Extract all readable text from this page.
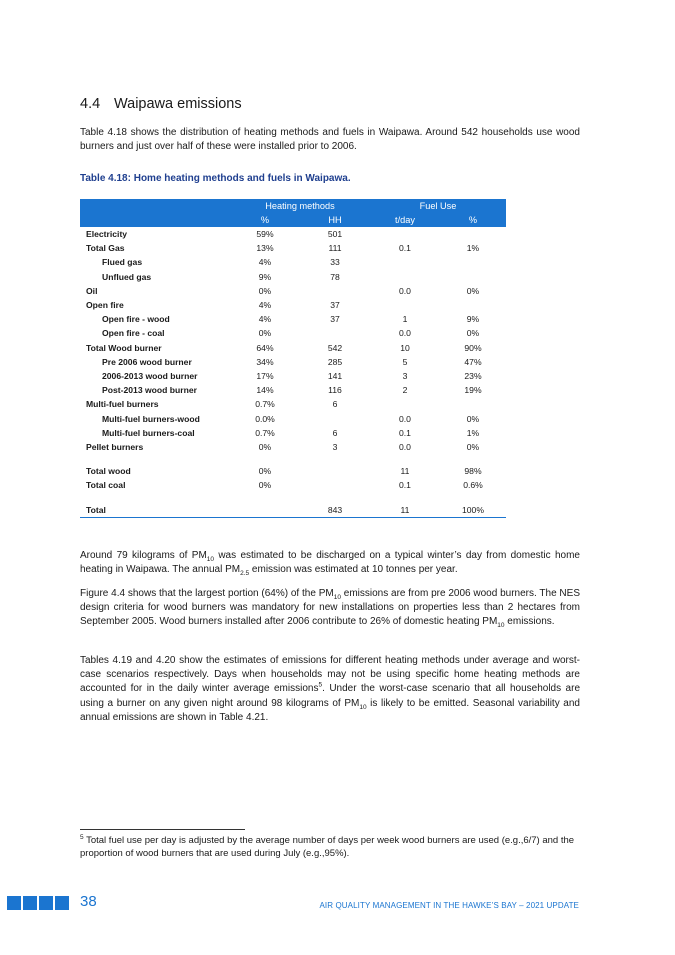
4.4 Waipawa emissions

Table 4.18 shows the distribution of heating methods and fuels in Waipawa. Around 542 households use wood burners and just over half of these were installed prior to 2006.

Table 4.18: Home heating methods and fuels in Waipawa.
	Heating methods		Fuel Use	
	%	HH	t/day	%
Electricity	59%	501		
Total Gas	13%	111	0.1	1%
Flued gas	4%	33		
Unflued gas	9%	78		
Oil	0%		0.0	0%
Open fire	4%	37		
Open fire - wood	4%	37	1	9%
Open fire - coal	0%		0.0	0%
Total Wood burner	64%	542	10	90%
Pre 2006 wood burner	34%	285	5	47%
2006-2013 wood burner	17%	141	3	23%
Post-2013 wood burner	14%	116	2	19%
Multi-fuel burners	0.7%	6		
Multi-fuel burners-wood	0.0%		0.0	0%
Multi-fuel burners-coal	0.7%	6	0.1	1%
Pellet burners	0%	3	0.0	0%

Total wood	0%		11	98%
Total coal	0%		0.1	0.6%

Total		843	11	100%

Around 79 kilograms of $PM_{10}$ was estimated to be discharged on a typical winter’s day from domestic home heating in Waipawa. The annual $PM_{2.5}$ emission was estimated at 10 tonnes per year.

Figure 4.4 shows that the largest portion (64%) of the $PM_{10}$ emissions are from pre 2006 wood burners. The NES design criteria for wood burners was mandatory for new installations on properties less than 2 hectares from September 2005. Wood burners installed after 2006 contribute to 26% of domestic heating $PM_{10}$ emissions.

Tables 4.19 and 4.20 show the estimates of emissions for different heating methods under average and worst-case scenarios respectively. Days when households may not be using specific home heating methods are accounted for in the daily winter average emissions$^5$. Under the worst-case scenario that all households are using a burner on any given night around 98 kilograms of $PM_{10}$ is likely to be emitted. Seasonal variability and annual emissions are shown in Table 4.21.

$^5$ Total fuel use per day is adjusted by the average number of days per week wood burners are used (e.g.,6/7) and the proportion of wood burners that are used during July (e.g.,95%).

38	AIR QUALITY MANAGEMENT IN THE HAWKE’S BAY – 2021 UPDATE
